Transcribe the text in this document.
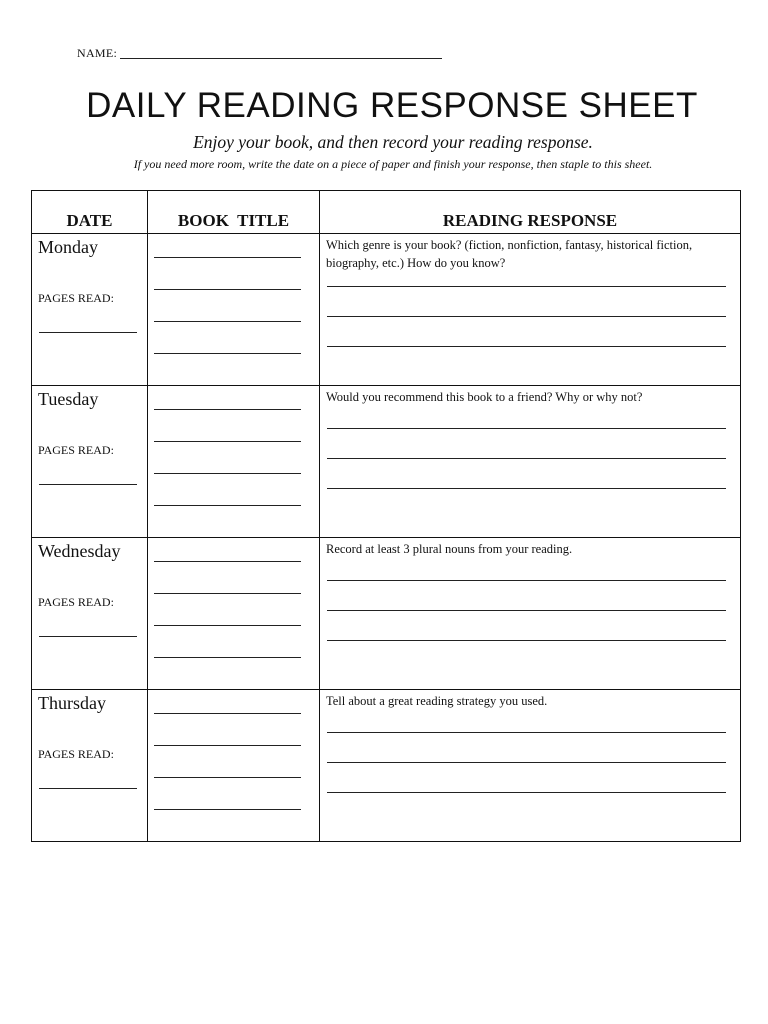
NAME:
DAILY READING RESPONSE SHEET
Enjoy your book, and then record your reading response.
If you need more room, write the date on a piece of paper and finish your response, then staple to this sheet.
DATE	BOOK  TITLE	READING RESPONSE

Monday
PAGES READ:		Which genre is your book? (fiction, nonfiction, fantasy, historical fiction, biography, etc.) How do you know?

Tuesday
PAGES READ:		Would you recommend this book to a friend? Why or why not?

Wednesday
PAGES READ:		Record at least 3 plural nouns from your reading.

Thursday
PAGES READ:		Tell about a great reading strategy you used.
